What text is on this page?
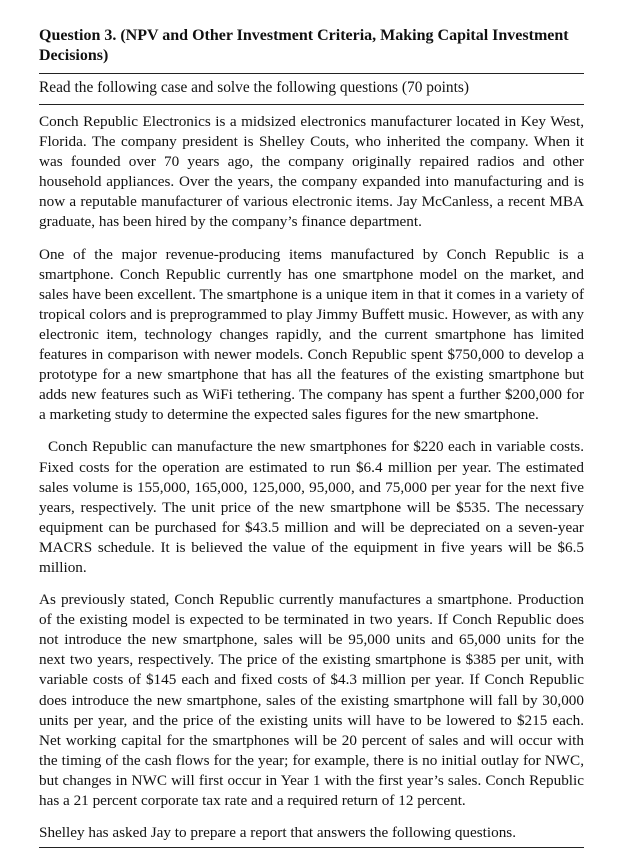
Question 3. (NPV and Other Investment Criteria, Making Capital Investment Decisions)

Read the following case and solve the following questions (70 points)

Conch Republic Electronics is a midsized electronics manufacturer located in Key West, Florida. The company president is Shelley Couts, who inherited the company. When it was founded over 70 years ago, the company originally repaired radios and other household appliances. Over the years, the company expanded into manufacturing and is now a reputable manufacturer of various electronic items. Jay McCanless, a recent MBA graduate, has been hired by the company’s finance department.

One of the major revenue-producing items manufactured by Conch Republic is a smartphone. Conch Republic currently has one smartphone model on the market, and sales have been excellent. The smartphone is a unique item in that it comes in a variety of tropical colors and is preprogrammed to play Jimmy Buffett music. However, as with any electronic item, technology changes rapidly, and the current smartphone has limited features in comparison with newer models. Conch Republic spent $750,000 to develop a prototype for a new smartphone that has all the features of the existing smartphone but adds new features such as WiFi tethering. The company has spent a further $200,000 for a marketing study to determine the expected sales figures for the new smartphone.

Conch Republic can manufacture the new smartphones for $220 each in variable costs. Fixed costs for the operation are estimated to run $6.4 million per year. The estimated sales volume is 155,000, 165,000, 125,000, 95,000, and 75,000 per year for the next five years, respectively. The unit price of the new smartphone will be $535. The necessary equipment can be purchased for $43.5 million and will be depreciated on a seven-year MACRS schedule. It is believed the value of the equipment in five years will be $6.5 million.

As previously stated, Conch Republic currently manufactures a smartphone. Production of the existing model is expected to be terminated in two years. If Conch Republic does not introduce the new smartphone, sales will be 95,000 units and 65,000 units for the next two years, respectively. The price of the existing smartphone is $385 per unit, with variable costs of $145 each and fixed costs of $4.3 million per year. If Conch Republic does introduce the new smartphone, sales of the existing smartphone will fall by 30,000 units per year, and the price of the existing units will have to be lowered to $215 each. Net working capital for the smartphones will be 20 percent of sales and will occur with the timing of the cash flows for the year; for example, there is no initial outlay for NWC, but changes in NWC will first occur in Year 1 with the first year’s sales. Conch Republic has a 21 percent corporate tax rate and a required return of 12 percent.

Shelley has asked Jay to prepare a report that answers the following questions.
